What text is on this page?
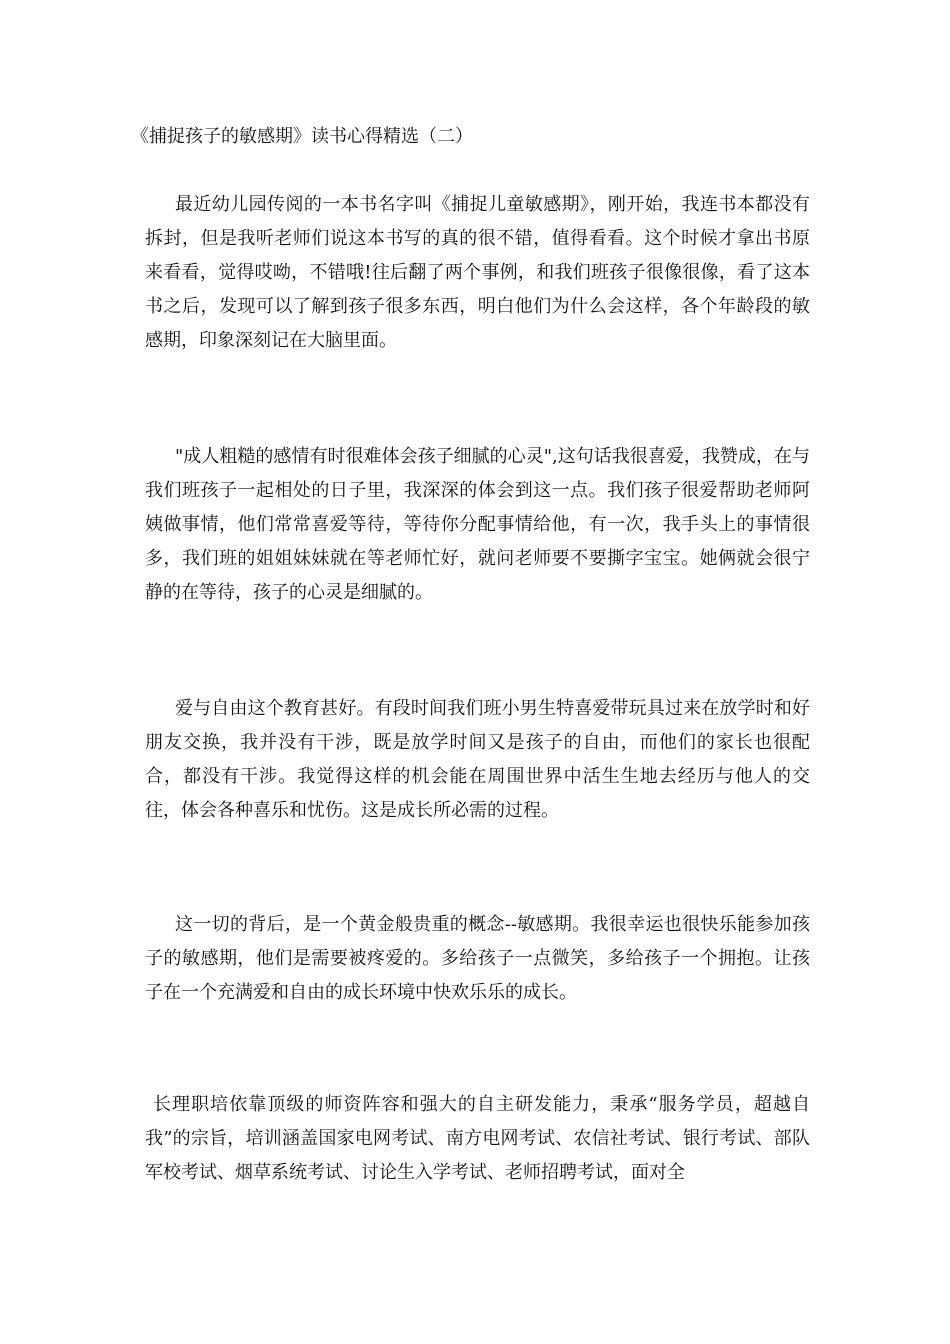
《捕捉孩子的敏感期》读书心得精选（二）

最近幼儿园传阅的一本书名字叫《捕捉儿童敏感期》，刚开始，我连书本都没有拆封，但是我听老师们说这本书写的真的很不错，值得看看。这个时候才拿出书原来看看，觉得哎呦，不错哦!往后翻了两个事例，和我们班孩子很像很像，看了这本书之后，发现可以了解到孩子很多东西，明白他们为什么会这样，各个年龄段的敏感期，印象深刻记在大脑里面。

"成人粗糙的感情有时很难体会孩子细腻的心灵",这句话我很喜爱，我赞成，在与我们班孩子一起相处的日子里，我深深的体会到这一点。我们孩子很爱帮助老师阿姨做事情，他们常常喜爱等待，等待你分配事情给他，有一次，我手头上的事情很多，我们班的姐姐妹妹就在等老师忙好，就问老师要不要撕字宝宝。她俩就会很宁静的在等待，孩子的心灵是细腻的。

爱与自由这个教育甚好。有段时间我们班小男生特喜爱带玩具过来在放学时和好朋友交换，我并没有干涉，既是放学时间又是孩子的自由，而他们的家长也很配合，都没有干涉。我觉得这样的机会能在周围世界中活生生地去经历与他人的交往，体会各种喜乐和忧伤。这是成长所必需的过程。

这一切的背后，是一个黄金般贵重的概念--敏感期。我很幸运也很快乐能参加孩子的敏感期，他们是需要被疼爱的。多给孩子一点微笑，多给孩子一个拥抱。让孩子在一个充满爱和自由的成长环境中快欢乐乐的成长。

长理职培依靠顶级的师资阵容和强大的自主研发能力，秉承“服务学员，超越自我”的宗旨，培训涵盖国家电网考试、南方电网考试、农信社考试、银行考试、部队军校考试、烟草系统考试、讨论生入学考试、老师招聘考试，面对全
